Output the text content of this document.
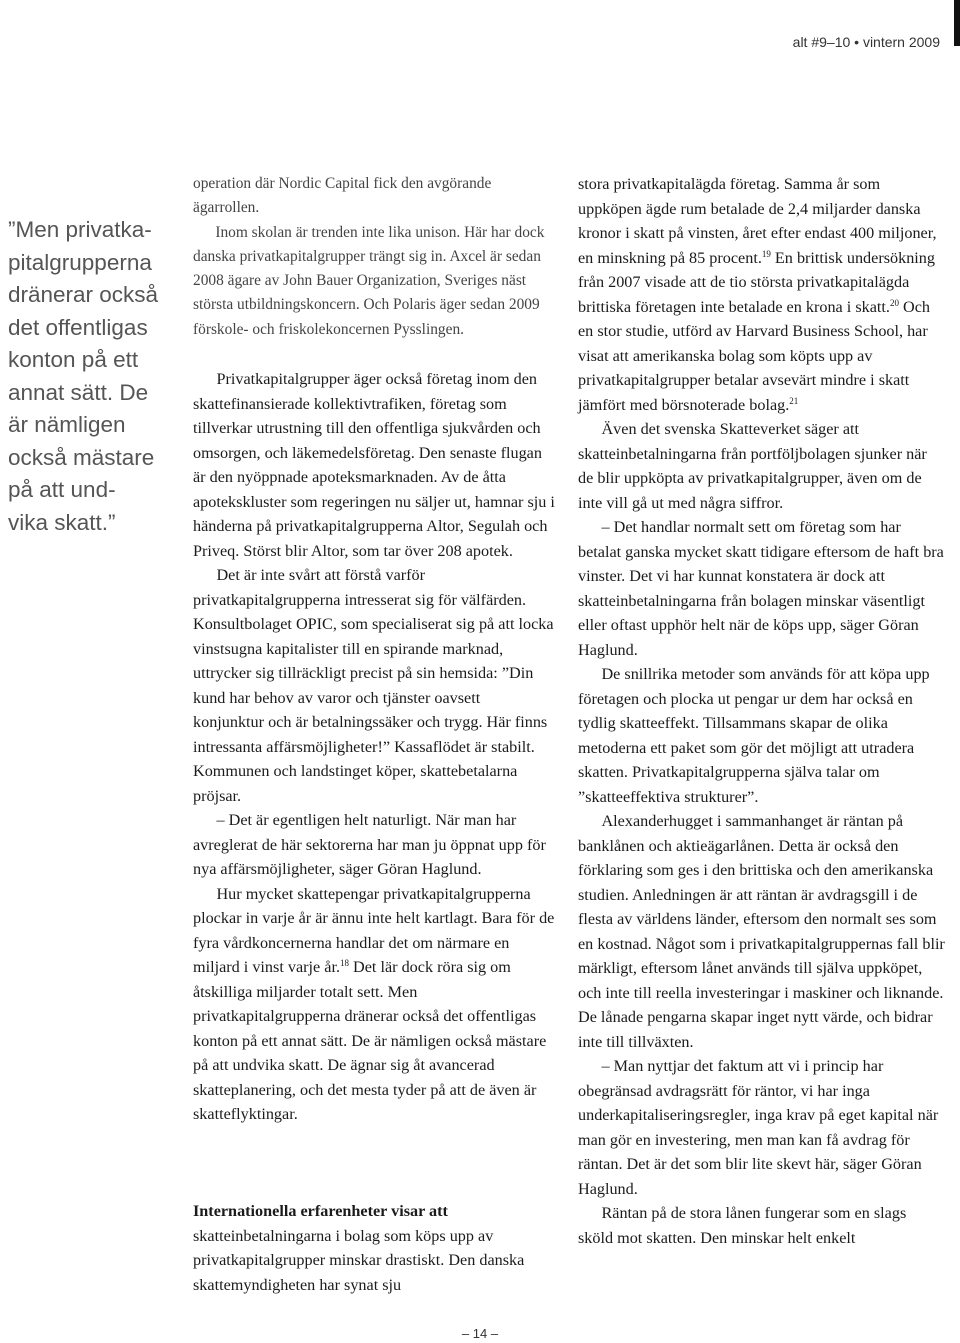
alt #9–10 • vintern 2009
”Men privatka-
pitalgrupperna
dränerar också
det offentligas
konton på ett
annat sätt. De
är nämligen
också mästare
på att und-
vika skatt.”

operation där Nordic Capital fick den avgörande ägarrollen.

Inom skolan är trenden inte lika unison. Här har dock danska privatkapitalgrupper trängt sig in. Axcel är sedan 2008 ägare av John Bauer Organization, Sveriges näst största utbildningskoncern. Och Polaris äger sedan 2009 förskole- och friskolekoncernen Pysslingen.

Privatkapitalgrupper äger också företag inom den skattefinansierade kollektivtrafiken, företag som tillverkar utrustning till den offentliga sjukvården och omsorgen, och läkemedelsföretag. Den senaste flugan är den nyöppnade apoteksmarknaden. Av de åtta apotekskluster som regeringen nu säljer ut, hamnar sju i händerna på privatkapitalgrupperna Altor, Segulah och Priveq. Störst blir Altor, som tar över 208 apotek.

Det är inte svårt att förstå varför privatkapitalgrupperna intresserat sig för välfärden. Konsultbolaget OPIC, som specialiserat sig på att locka vinstsugna kapitalister till en spirande marknad, uttrycker sig tillräckligt precist på sin hemsida: ”Din kund har behov av varor och tjänster oavsett konjunktur och är betalningssäker och trygg. Här finns intressanta affärsmöjligheter!” Kassaflödet är stabilt. Kommunen och landstinget köper, skattebetalarna pröjsar.

– Det är egentligen helt naturligt. När man har avreglerat de här sektorerna har man ju öppnat upp för nya affärsmöjligheter, säger Göran Haglund.

Hur mycket skattepengar privatkapitalgrupperna plockar in varje år är ännu inte helt kartlagt. Bara för de fyra vårdkoncernerna handlar det om närmare en miljard i vinst varje år.$^{18}$ Det lär dock röra sig om åtskilliga miljarder totalt sett. Men privatkapitalgrupperna dränerar också det offentligas konton på ett annat sätt. De är nämligen också mästare på att undvika skatt. De ägnar sig åt avancerad skatteplanering, och det mesta tyder på att de även är skatteflyktingar.

Internationella erfarenheter visar att skatteinbetalningarna i bolag som köps upp av privatkapitalgrupper minskar drastiskt. Den danska skattemyndigheten har synat sju

stora privatkapitalägda företag. Samma år som uppköpen ägde rum betalade de 2,4 miljarder danska kronor i skatt på vinsten, året efter endast 400 miljoner, en minskning på 85 procent.$^{19}$ En brittisk undersökning från 2007 visade att de tio största privatkapitalägda brittiska företagen inte betalade en krona i skatt.$^{20}$ Och en stor studie, utförd av Harvard Business School, har visat att amerikanska bolag som köpts upp av privatkapitalgrupper betalar avsevärt mindre i skatt jämfört med börsnoterade bolag.$^{21}$

Även det svenska Skatteverket säger att skatteinbetalningarna från portföljbolagen sjunker när de blir uppköpta av privatkapitalgrupper, även om de inte vill gå ut med några siffror.

– Det handlar normalt sett om företag som har betalat ganska mycket skatt tidigare eftersom de haft bra vinster. Det vi har kunnat konstatera är dock att skatteinbetalningarna från bolagen minskar väsentligt eller oftast upphör helt när de köps upp, säger Göran Haglund.

De snillrika metoder som används för att köpa upp företagen och plocka ut pengar ur dem har också en tydlig skatteeffekt. Tillsammans skapar de olika metoderna ett paket som gör det möjligt att utradera skatten. Privatkapitalgrupperna själva talar om ”skatteeffektiva strukturer”.

Alexanderhugget i sammanhanget är räntan på banklånen och aktieägarlånen. Detta är också den förklaring som ges i den brittiska och den amerikanska studien. Anledningen är att räntan är avdragsgill i de flesta av världens länder, eftersom den normalt ses som en kostnad. Något som i privatkapitalgruppernas fall blir märkligt, eftersom lånet används till själva uppköpet, och inte till reella investeringar i maskiner och liknande. De lånade pengarna skapar inget nytt värde, och bidrar inte till tillväxten.

– Man nyttjar det faktum att vi i princip har obegränsad avdragsrätt för räntor, vi har inga underkapitaliseringsregler, inga krav på eget kapital när man gör en investering, men man kan få avdrag för räntan. Det är det som blir lite skevt här, säger Göran Haglund.

Räntan på de stora lånen fungerar som en slags sköld mot skatten. Den minskar helt enkelt

– 14 –
